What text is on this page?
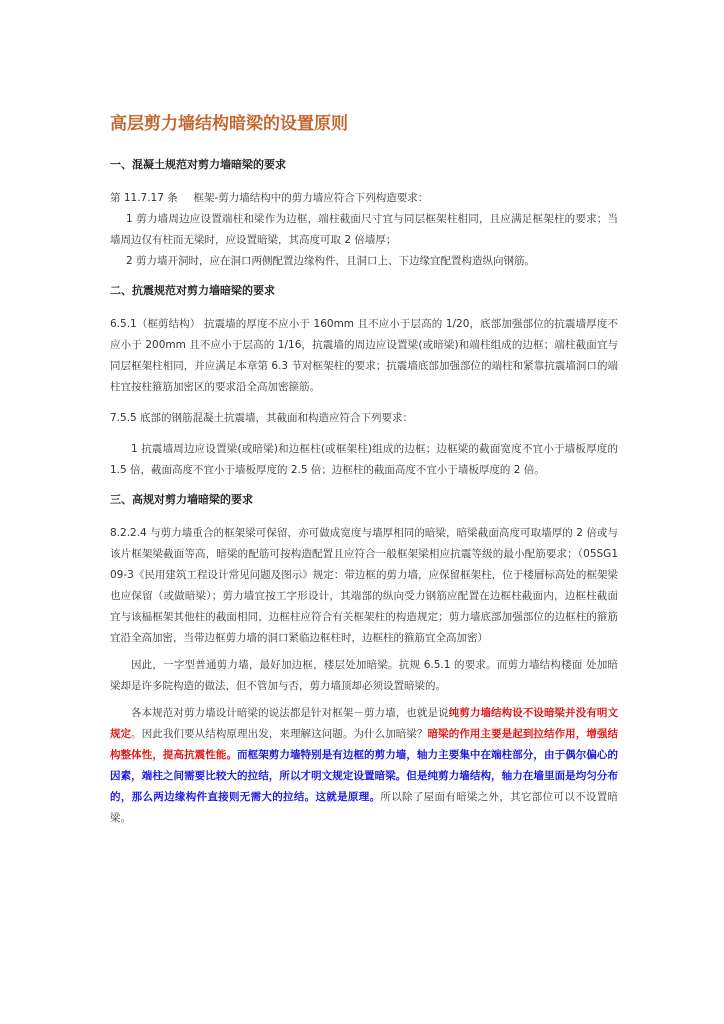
高层剪力墙结构暗梁的设置原则
一、混凝土规范对剪力墙暗梁的要求

第 11.7.17 条   框架-剪力墙结构中的剪力墙应符合下列构造要求：

1 剪力墙周边应设置端柱和梁作为边框，端柱截面尺寸宜与同层框架柱相同，且应满足框架柱的要求；当墙周边仅有柱而无梁时，应设置暗梁，其高度可取 2 倍墙厚；

2 剪力墙开洞时，应在洞口两侧配置边缘构件，且洞口上、下边缘宜配置构造纵向钢筋。

二、抗震规范对剪力墙暗梁的要求

6.5.1（框剪结构） 抗震墙的厚度不应小于 160mm 且不应小于层高的 1/20，底部加强部位的抗震墙厚度不应小于 200mm 且不应小于层高的 1/16，抗震墙的周边应设置梁(或暗梁)和端柱组成的边框；端柱截面宜与同层框架柱相同，并应满足本章第 6.3 节对框架柱的要求；抗震墙底部加强部位的端柱和紧靠抗震墙洞口的端柱宜按柱箍筋加密区的要求沿全高加密箍筋。

7.5.5 底部的钢筋混凝土抗震墙，其截面和构造应符合下列要求：

1 抗震墙周边应设置梁(或暗梁)和边框柱(或框架柱)组成的边框；边框梁的截面宽度不宜小于墙板厚度的 1.5 倍，截面高度不宜小于墙板厚度的 2.5 倍；边框柱的截面高度不宜小于墙板厚度的 2 倍。

三、高规对剪力墙暗梁的要求

8.2.2.4 与剪力墙重合的框架梁可保留，亦可做成宽度与墙厚相同的暗梁，暗梁截面高度可取墙厚的 2 倍或与该片框架梁截面等高，暗梁的配筋可按构造配置且应符合一般框架梁相应抗震等级的最小配筋要求；（05SG109-3《民用建筑工程设计常见问题及图示》规定：带边框的剪力墙，应保留框架柱，位于楼層标高处的框架梁也应保留（或做暗梁）；剪力墙宜按工字形设计，其端部的纵向受力钢筋应配置在边框柱截面内，边框柱截面宜与该榀框架其他柱的截面相同，边框柱应符合有关框架柱的构造规定；剪力墙底部加强部位的边框柱的箍筋宜沿全高加密，当带边框剪力墙的洞口紧临边框柱时，边框柱的箍筋宜全高加密）

因此，一字型普通剪力墙，最好加边框，楼层处加暗梁。抗规 6.5.1 的要求。而剪力墙结构楼面 处加暗梁却是许多院构造的做法，但不管加与否，剪力墙顶却必须设置暗梁的。

各本规范对剪力墙设计暗梁的说法都是针对框架－剪力墙，也就是说纯剪力墙结构设不设暗梁并没有明文规定。因此我们要从结构原理出发，来理解这问题。为什么加暗梁？暗梁的作用主要是起到拉结作用，增强结构整体性，提高抗震性能。而框架剪力墙特别是有边框的剪力墙，轴力主要集中在端柱部分，由于偶尔偏心的因素，端柱之间需要比较大的拉结，所以才明文规定设置暗梁。但是纯剪力墙结构，轴力在墙里面是均匀分布的，那么两边缘构件直接则无需大的拉结。这就是原理。所以除了屋面有暗梁之外，其它部位可以不设置暗梁。
